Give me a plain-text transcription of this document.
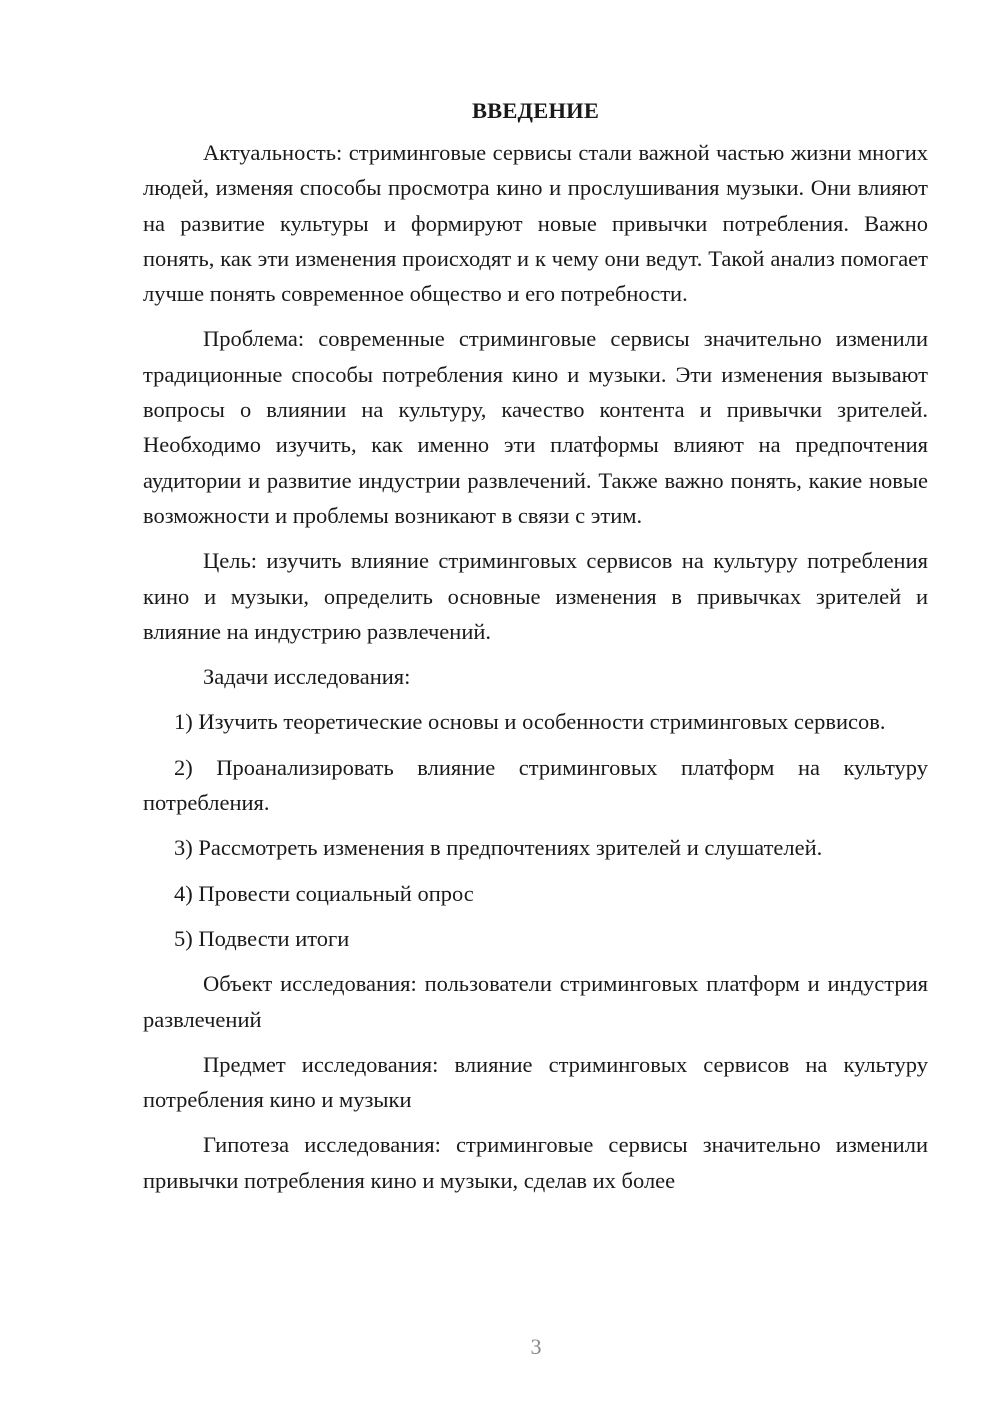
ВВЕДЕНИЕ

Актуальность: стриминговые сервисы стали важной частью жизни многих людей, изменяя способы просмотра кино и прослушивания музыки. Они влияют на развитие культуры и формируют новые привычки потребления. Важно понять, как эти изменения происходят и к чему они ведут. Такой анализ помогает лучше понять современное общество и его потребности.

Проблема: современные стриминговые сервисы значительно изменили традиционные способы потребления кино и музыки. Эти изменения вызывают вопросы о влиянии на культуру, качество контента и привычки зрителей. Необходимо изучить, как именно эти платформы влияют на предпочтения аудитории и развитие индустрии развлечений. Также важно понять, какие новые возможности и проблемы возникают в связи с этим.

Цель: изучить влияние стриминговых сервисов на культуру потребления кино и музыки, определить основные изменения в привычках зрителей и влияние на индустрию развлечений.

Задачи исследования:

1) Изучить теоретические основы и особенности стриминговых сервисов.

2) Проанализировать влияние стриминговых платформ на культуру потребления.

3) Рассмотреть изменения в предпочтениях зрителей и слушателей.

4) Провести социальный опрос

5) Подвести итоги

Объект исследования: пользователи стриминговых платформ и индустрия развлечений

Предмет исследования: влияние стриминговых сервисов на культуру потребления кино и музыки

Гипотеза исследования: стриминговые сервисы значительно изменили привычки потребления кино и музыки, сделав их более

3
